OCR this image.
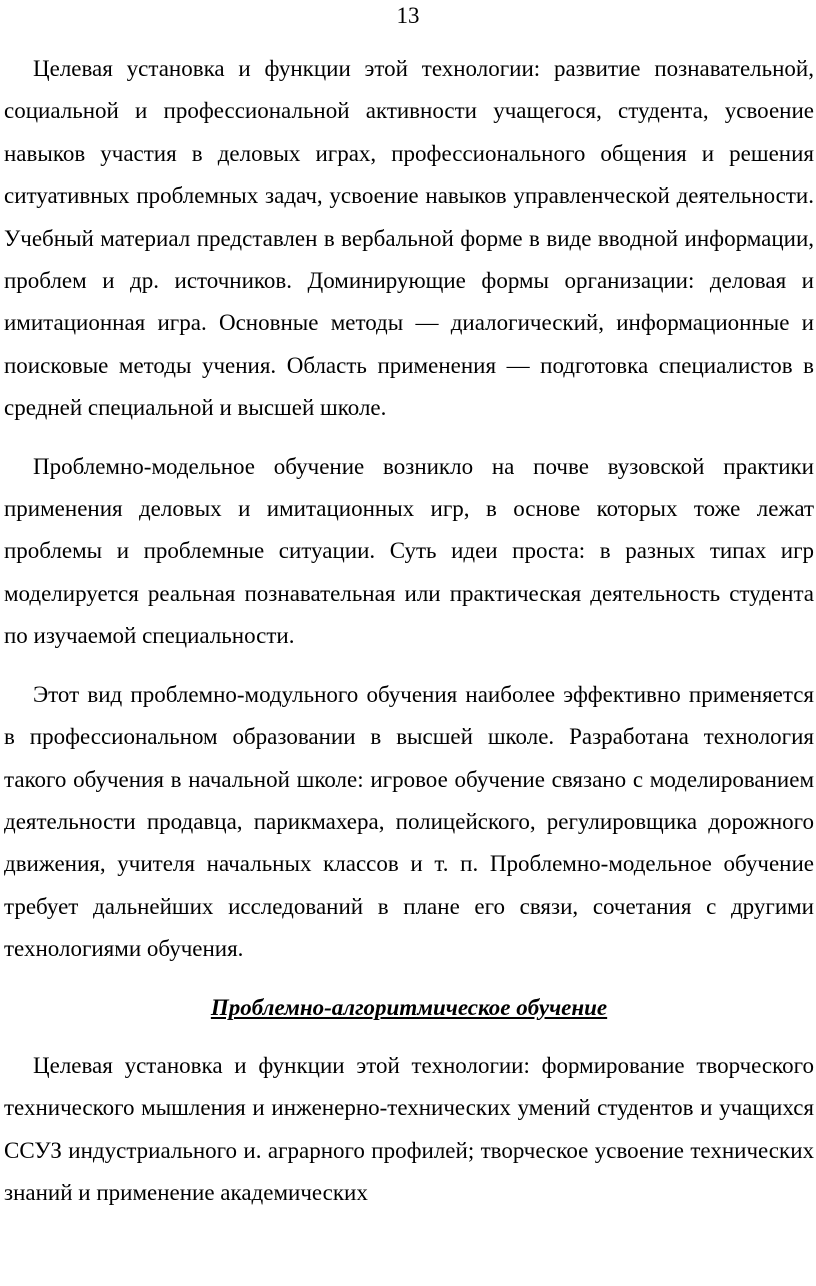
13

Целевая установка и функции этой технологии: развитие познавательной, социальной и профессиональной активности учащегося, студента, усвоение навыков участия в деловых играх, профессионального общения и решения ситуативных проблемных задач, усвоение навыков управленческой деятельности. Учебный материал представлен в вербальной форме в виде вводной информации, проблем и др. источников. Доминирующие формы организации: деловая и имитационная игра. Основные методы — диалогический, информационные и поисковые методы учения. Область применения — подготовка специалистов в средней специальной и высшей школе.

Проблемно-модельное обучение возникло на почве вузовской практики применения деловых и имитационных игр, в основе которых тоже лежат проблемы и проблемные ситуации. Суть идеи проста: в разных типах игр моделируется реальная познавательная или практическая деятельность студента по изучаемой специальности.

Этот вид проблемно-модульного обучения наиболее эффективно применяется в профессиональном образовании в высшей школе. Разработана технология такого обучения в начальной школе: игровое обучение связано с моделированием деятельности продавца, парикмахера, полицейского, регулировщика дорожного движения, учителя начальных классов и т. п. Проблемно-модельное обучение требует дальнейших исследований в плане его связи, сочетания с другими технологиями обучения.

Проблемно-алгоритмическое обучение

Целевая установка и функции этой технологии: формирование творческого технического мышления и инженерно-технических умений студентов и учащихся ССУЗ индустриального и. аграрного профилей; творческое усвоение технических знаний и применение академических
